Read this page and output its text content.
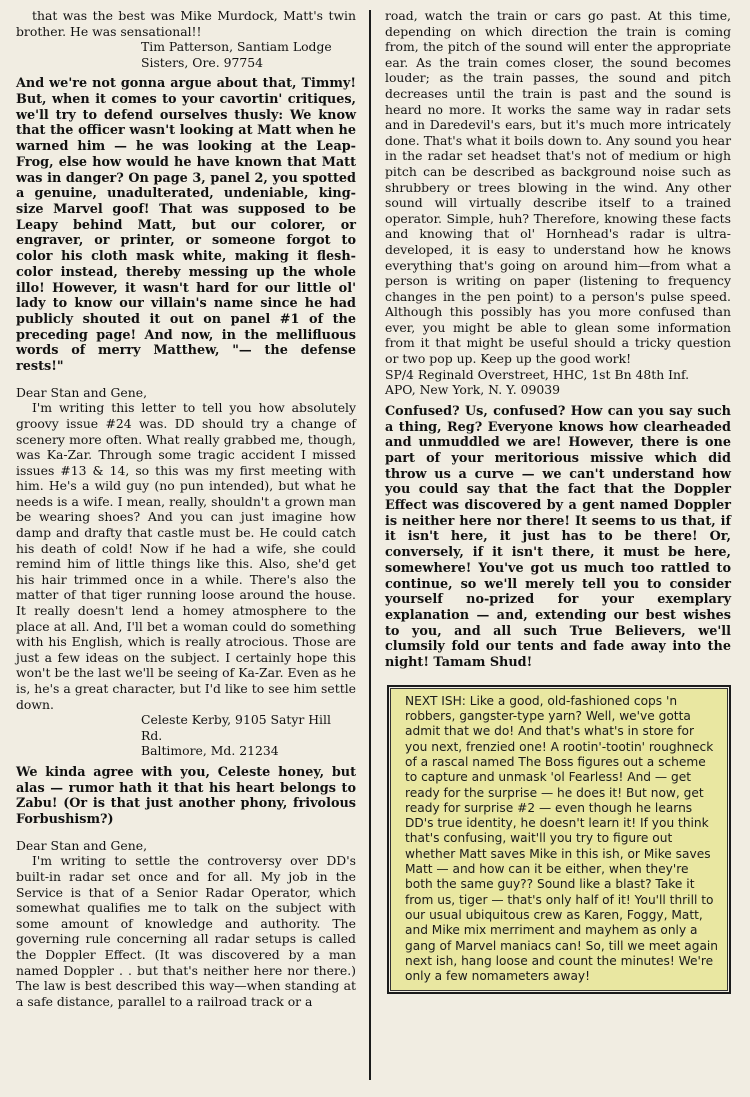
that was the best was Mike Murdock, Matt's twin brother. He was sensational!!

Tim Patterson, Santiam Lodge

Sisters, Ore. 97754

And we're not gonna argue about that, Timmy! But, when it comes to your cavortin' critiques, we'll try to defend ourselves thusly: We know that the officer wasn't looking at Matt when he warned him — he was looking at the Leap-Frog, else how would he have known that Matt was in danger? On page 3, panel 2, you spotted a genuine, unadulterated, undeniable, king-size Marvel goof! That was supposed to be Leapy behind Matt, but our colorer, or engraver, or printer, or someone forgot to color his cloth mask white, making it flesh-color instead, thereby messing up the whole illo! However, it wasn't hard for our little ol' lady to know our villain's name since he had publicly shouted it out on panel #1 of the preceding page! And now, in the mellifluous words of merry Matthew, "— the defense rests!"

Dear Stan and Gene,

I'm writing this letter to tell you how absolutely groovy issue #24 was. DD should try a change of scenery more often. What really grabbed me, though, was Ka-Zar. Through some tragic accident I missed issues #13 & 14, so this was my first meeting with him. He's a wild guy (no pun intended), but what he needs is a wife. I mean, really, shouldn't a grown man be wearing shoes? And you can just imagine how damp and drafty that castle must be. He could catch his death of cold! Now if he had a wife, she could remind him of little things like this. Also, she'd get his hair trimmed once in a while. There's also the matter of that tiger running loose around the house. It really doesn't lend a homey atmosphere to the place at all. And, I'll bet a woman could do something with his English, which is really atrocious. Those are just a few ideas on the subject. I certainly hope this won't be the last we'll be seeing of Ka-Zar. Even as he is, he's a great character, but I'd like to see him settle down.

Celeste Kerby, 9105 Satyr Hill Rd.

Baltimore, Md. 21234

We kinda agree with you, Celeste honey, but alas — rumor hath it that his heart belongs to Zabu! (Or is that just another phony, frivolous Forbushism?)

Dear Stan and Gene,

I'm writing to settle the controversy over DD's built-in radar set once and for all. My job in the Service is that of a Senior Radar Operator, which somewhat qualifies me to talk on the subject with some amount of knowledge and authority. The governing rule concerning all radar setups is called the Doppler Effect. (It was discovered by a man named Doppler . . but that's neither here nor there.) The law is best described this way—when standing at a safe distance, parallel to a railroad track or a

road, watch the train or cars go past. At this time, depending on which direction the train is coming from, the pitch of the sound will enter the appropriate ear. As the train comes closer, the sound becomes louder; as the train passes, the sound and pitch decreases until the train is past and the sound is heard no more. It works the same way in radar sets and in Daredevil's ears, but it's much more intricately done. That's what it boils down to. Any sound you hear in the radar set headset that's not of medium or high pitch can be described as background noise such as shrubbery or trees blowing in the wind. Any other sound will virtually describe itself to a trained operator. Simple, huh? Therefore, knowing these facts and knowing that ol' Hornhead's radar is ultra-developed, it is easy to understand how he knows everything that's going on around him—from what a person is writing on paper (listening to frequency changes in the pen point) to a person's pulse speed. Although this possibly has you more confused than ever, you might be able to glean some information from it that might be useful should a tricky question or two pop up. Keep up the good work!

SP/4 Reginald Overstreet, HHC, 1st Bn 48th Inf.

APO, New York, N. Y. 09039

Confused? Us, confused? How can you say such a thing, Reg? Everyone knows how clearheaded and unmuddled we are! However, there is one part of your meritorious missive which did throw us a curve — we can't understand how you could say that the fact that the Doppler Effect was discovered by a gent named Doppler is neither here nor there! It seems to us that, if it isn't here, it just has to be there! Or, conversely, if it isn't there, it must be here, somewhere! You've got us much too rattled to continue, so we'll merely tell you to consider yourself no-prized for your exemplary explanation — and, extending our best wishes to you, and all such True Believers, we'll clumsily fold our tents and fade away into the night! Tamam Shud!

NEXT ISH: Like a good, old-fashioned cops 'n robbers, gangster-type yarn? Well, we've gotta admit that we do! And that's what's in store for you next, frenzied one! A rootin'-tootin' roughneck of a rascal named The Boss figures out a scheme to capture and unmask 'ol Fearless! And — get ready for the surprise — he does it! But now, get ready for surprise #2 — even though he learns DD's true identity, he doesn't learn it! If you think that's confusing, wait'll you try to figure out whether Matt saves Mike in this ish, or Mike saves Matt — and how can it be either, when they're both the same guy?? Sound like a blast? Take it from us, tiger — that's only half of it! You'll thrill to our usual ubiquitous crew as Karen, Foggy, Matt, and Mike mix merriment and mayhem as only a gang of Marvel maniacs can! So, till we meet again next ish, hang loose and count the minutes! We're only a few nomameters away!
